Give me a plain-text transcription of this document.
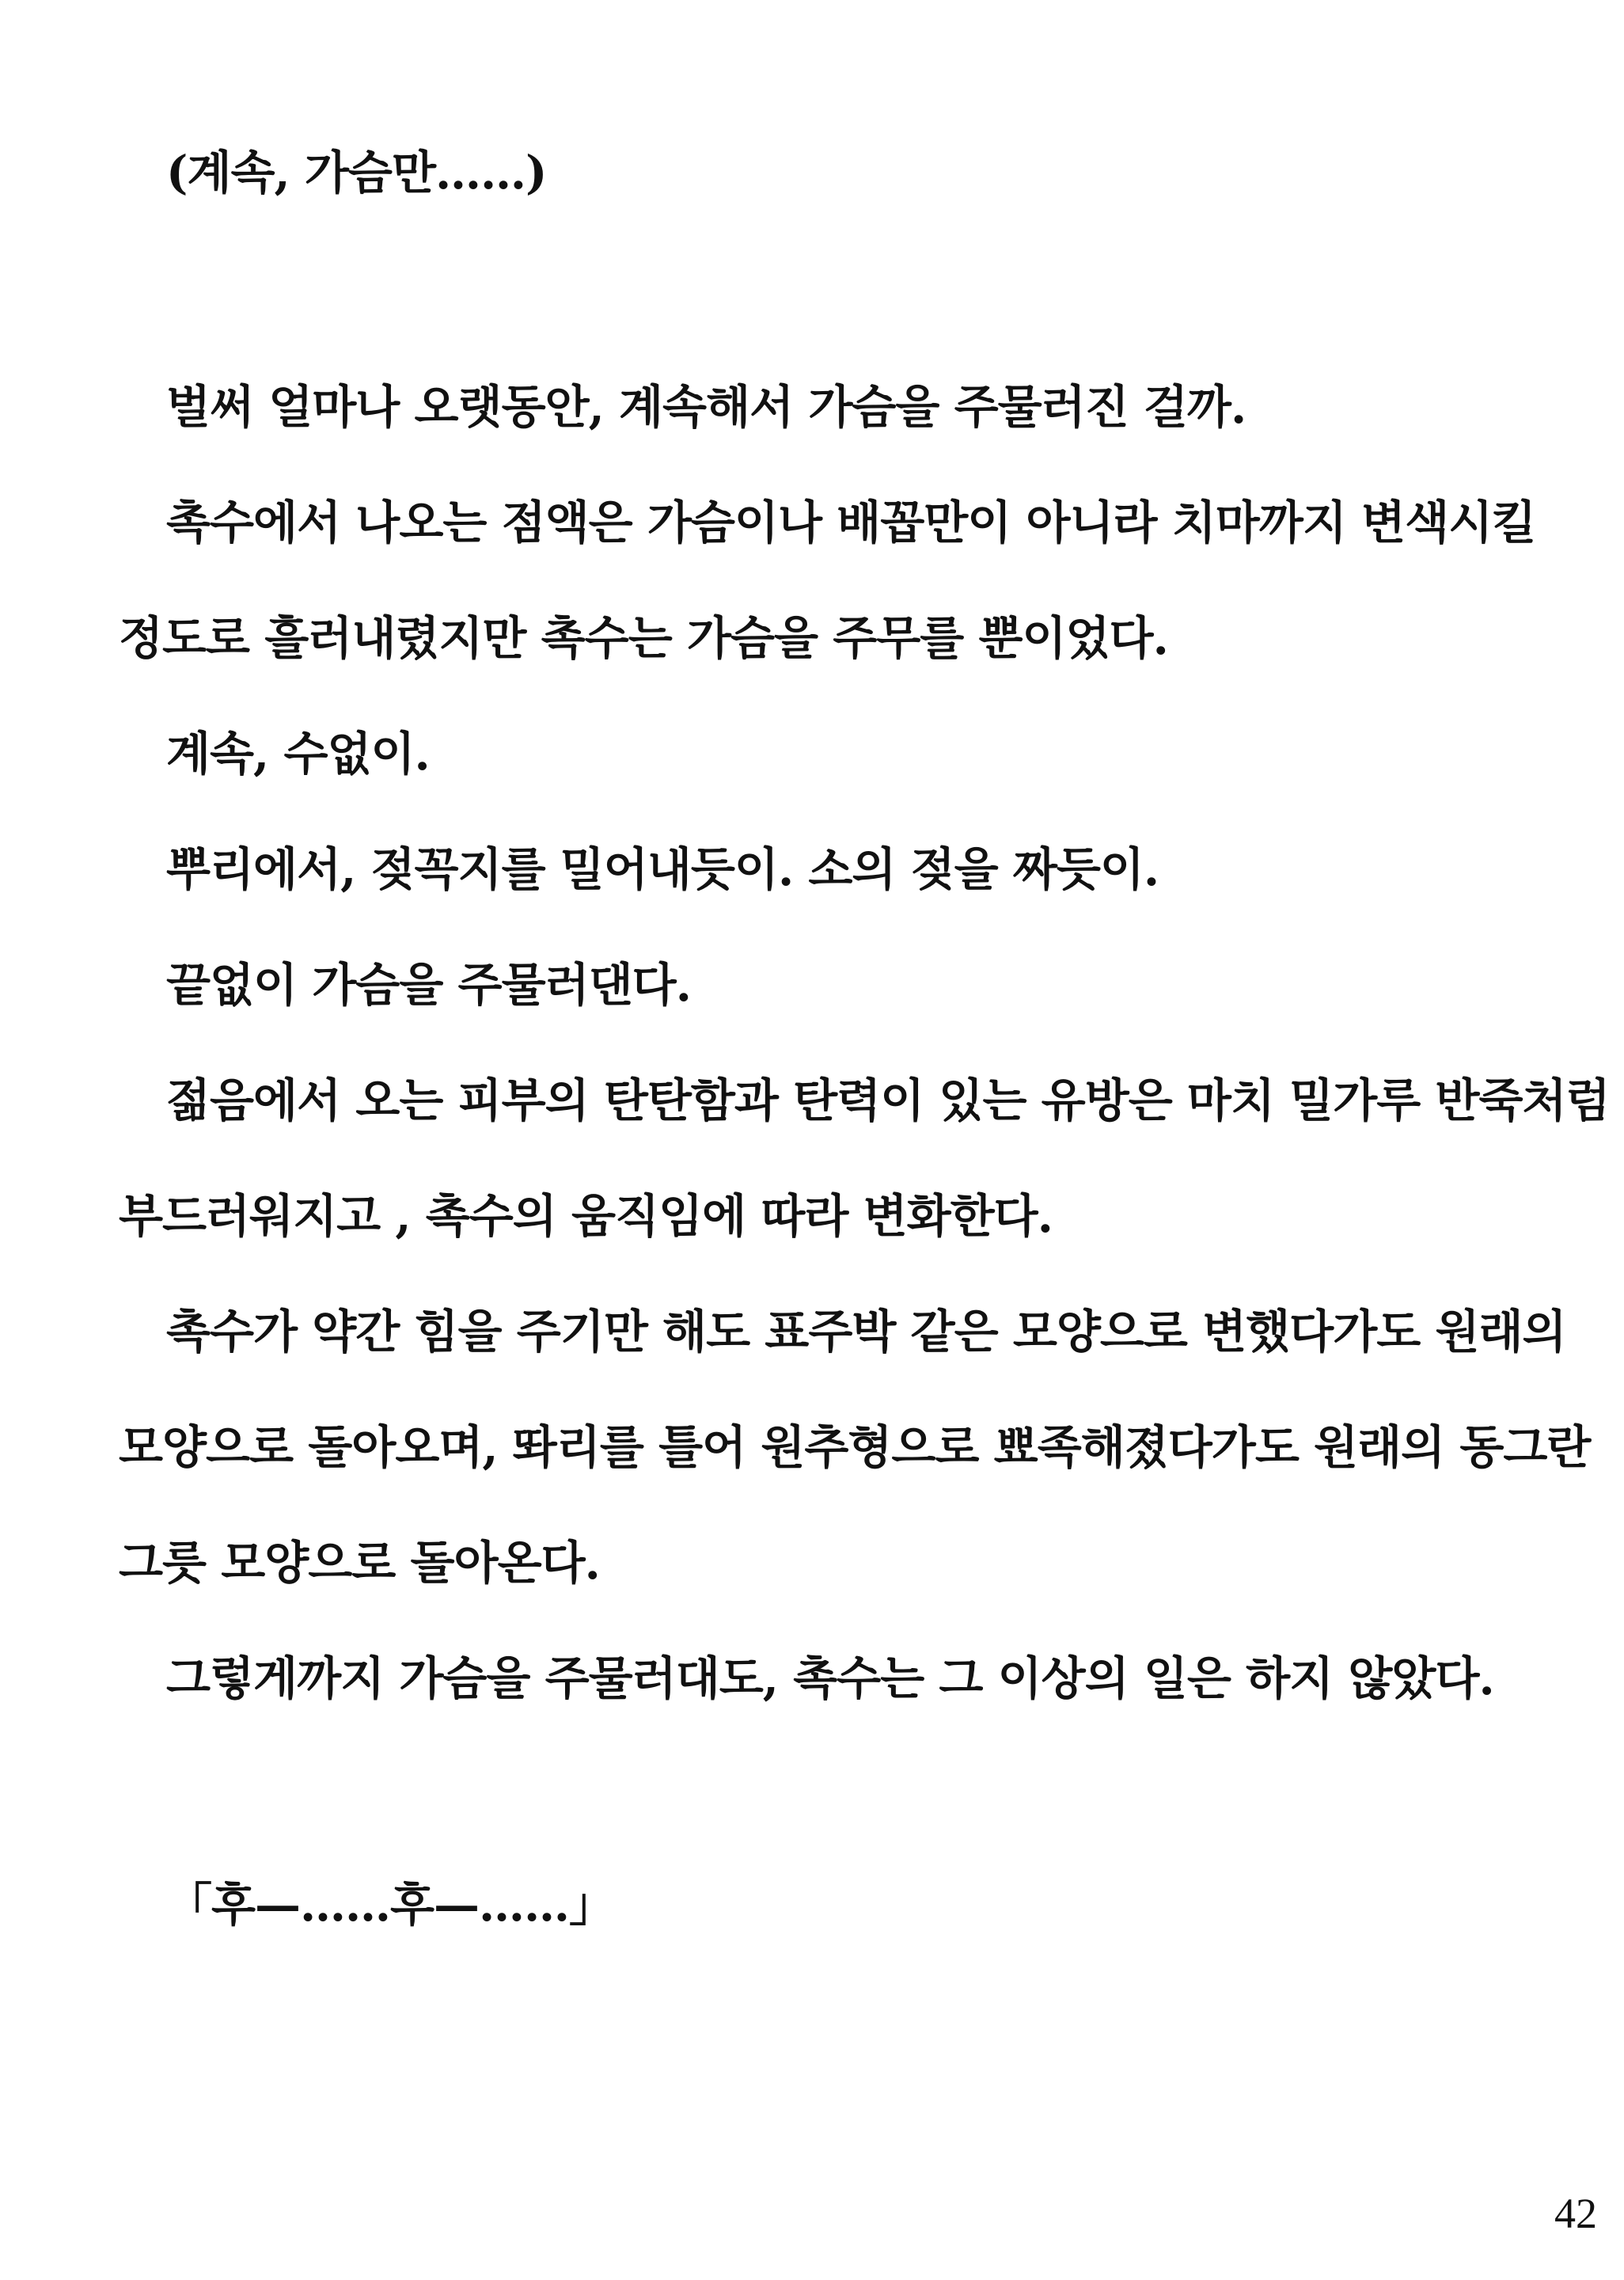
(계속, 가슴만……)
벌써 얼마나 오랫동안, 계속해서 가슴을 주물러진 걸까.
촉수에서 나오는 점액은 가슴이나 배꼽만이 아니라 치마까지 변색시킬
정도로 흘러내렸지만 촉수는 가슴을 주무를 뿐이었다.
계속, 수없이.
뿌리에서, 젖꼭지를 밀어내듯이. 소의 젖을 짜듯이.
끝없이 가슴을 주물러댄다.
젊음에서 오는 피부의 탄탄함과 탄력이 있는 유방은 마치 밀가루 반죽처럼
부드러워지고 , 촉수의 움직임에 따라 변화한다.
촉수가 약간 힘을 주기만 해도 표주박 같은 모양으로 변했다가도 원래의
모양으로 돌아오며, 똬리를 틀어 원추형으로 뾰족해졌다가도 원래의 동그란
그릇 모양으로 돌아온다.
그렇게까지 가슴을 주물러대도, 촉수는 그 이상의 일은 하지 않았다.
「후—……후—……」
42
